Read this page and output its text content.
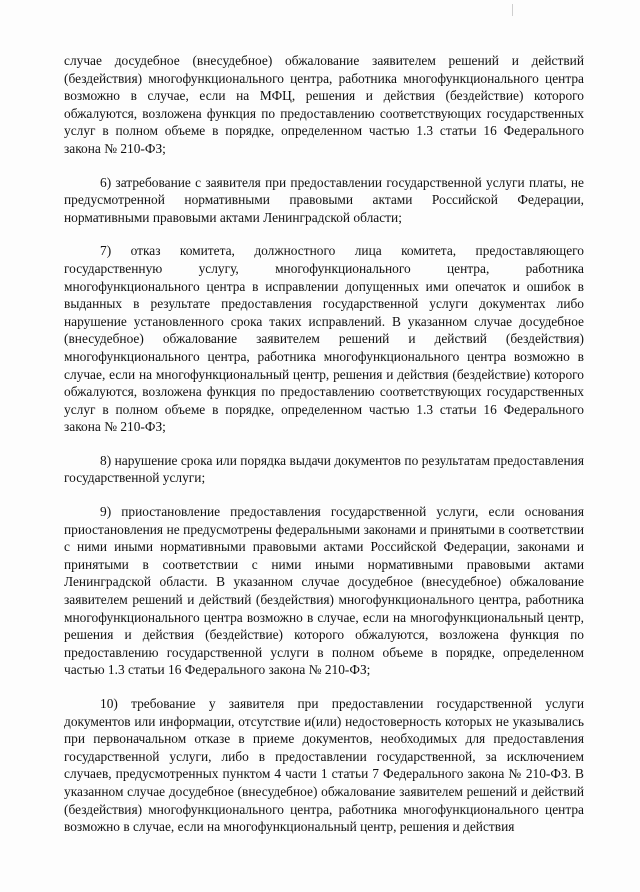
случае досудебное (внесудебное) обжалование заявителем решений и действий (бездействия) многофункционального центра, работника многофункционального центра возможно в случае, если на МФЦ, решения и действия (бездействие) которого обжалуются, возложена функция по предоставлению соответствующих государственных услуг в полном объеме в порядке, определенном частью 1.3 статьи 16 Федерального закона № 210-ФЗ;

6) затребование с заявителя при предоставлении государственной услуги платы, не предусмотренной нормативными правовыми актами Российской Федерации, нормативными правовыми актами Ленинградской области;

7) отказ комитета, должностного лица комитета, предоставляющего государственную услугу, многофункционального центра, работника многофункционального центра в исправлении допущенных ими опечаток и ошибок в выданных в результате предоставления государственной услуги документах либо нарушение установленного срока таких исправлений. В указанном случае досудебное (внесудебное) обжалование заявителем решений и действий (бездействия) многофункционального центра, работника многофункционального центра возможно в случае, если на многофункциональный центр, решения и действия (бездействие) которого обжалуются, возложена функция по предоставлению соответствующих государственных услуг в полном объеме в порядке, определенном частью 1.3 статьи 16 Федерального закона № 210-ФЗ;

8) нарушение срока или порядка выдачи документов по результатам предоставления государственной услуги;

9) приостановление предоставления государственной услуги, если основания приостановления не предусмотрены федеральными законами и принятыми в соответствии с ними иными нормативными правовыми актами Российской Федерации, законами и принятыми в соответствии с ними иными нормативными правовыми актами Ленинградской области. В указанном случае досудебное (внесудебное) обжалование заявителем решений и действий (бездействия) многофункционального центра, работника многофункционального центра возможно в случае, если на многофункциональный центр, решения и действия (бездействие) которого обжалуются, возложена функция по предоставлению государственной услуги в полном объеме в порядке, определенном частью 1.3 статьи 16 Федерального закона № 210-ФЗ;

10) требование у заявителя при предоставлении государственной услуги документов или информации, отсутствие и(или) недостоверность которых не указывались при первоначальном отказе в приеме документов, необходимых для предоставления государственной услуги, либо в предоставлении государственной, за исключением случаев, предусмотренных пунктом 4 части 1 статьи 7 Федерального закона № 210-ФЗ. В указанном случае досудебное (внесудебное) обжалование заявителем решений и действий (бездействия) многофункционального центра, работника многофункционального центра возможно в случае, если на многофункциональный центр, решения и действия
